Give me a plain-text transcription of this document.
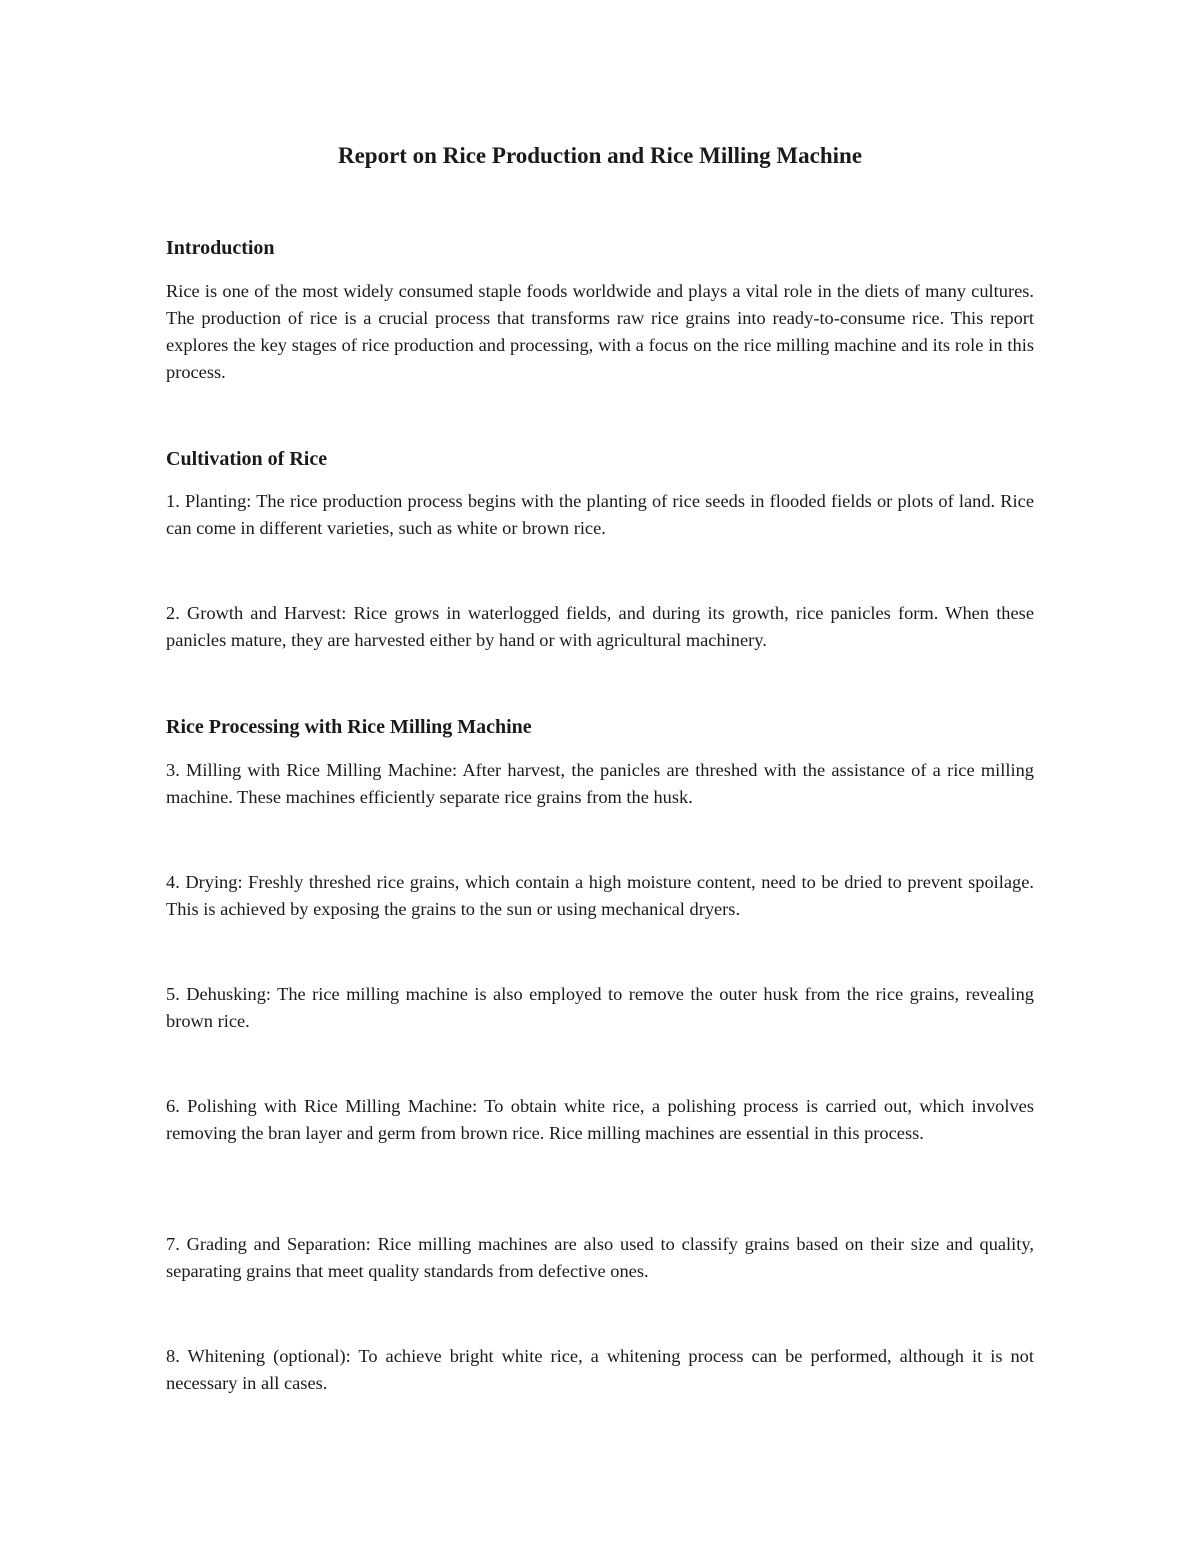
Report on Rice Production and Rice Milling Machine
Introduction

Rice is one of the most widely consumed staple foods worldwide and plays a vital role in the diets of many cultures. The production of rice is a crucial process that transforms raw rice grains into ready-to-consume rice. This report explores the key stages of rice production and processing, with a focus on the rice milling machine and its role in this process.

Cultivation of Rice

1. Planting: The rice production process begins with the planting of rice seeds in flooded fields or plots of land. Rice can come in different varieties, such as white or brown rice.

2. Growth and Harvest: Rice grows in waterlogged fields, and during its growth, rice panicles form. When these panicles mature, they are harvested either by hand or with agricultural machinery.

Rice Processing with Rice Milling Machine

3. Milling with Rice Milling Machine: After harvest, the panicles are threshed with the assistance of a rice milling machine. These machines efficiently separate rice grains from the husk.

4. Drying: Freshly threshed rice grains, which contain a high moisture content, need to be dried to prevent spoilage. This is achieved by exposing the grains to the sun or using mechanical dryers.

5. Dehusking: The rice milling machine is also employed to remove the outer husk from the rice grains, revealing brown rice.

6. Polishing with Rice Milling Machine: To obtain white rice, a polishing process is carried out, which involves removing the bran layer and germ from brown rice. Rice milling machines are essential in this process.

7. Grading and Separation: Rice milling machines are also used to classify grains based on their size and quality, separating grains that meet quality standards from defective ones.

8. Whitening (optional): To achieve bright white rice, a whitening process can be performed, although it is not necessary in all cases.
